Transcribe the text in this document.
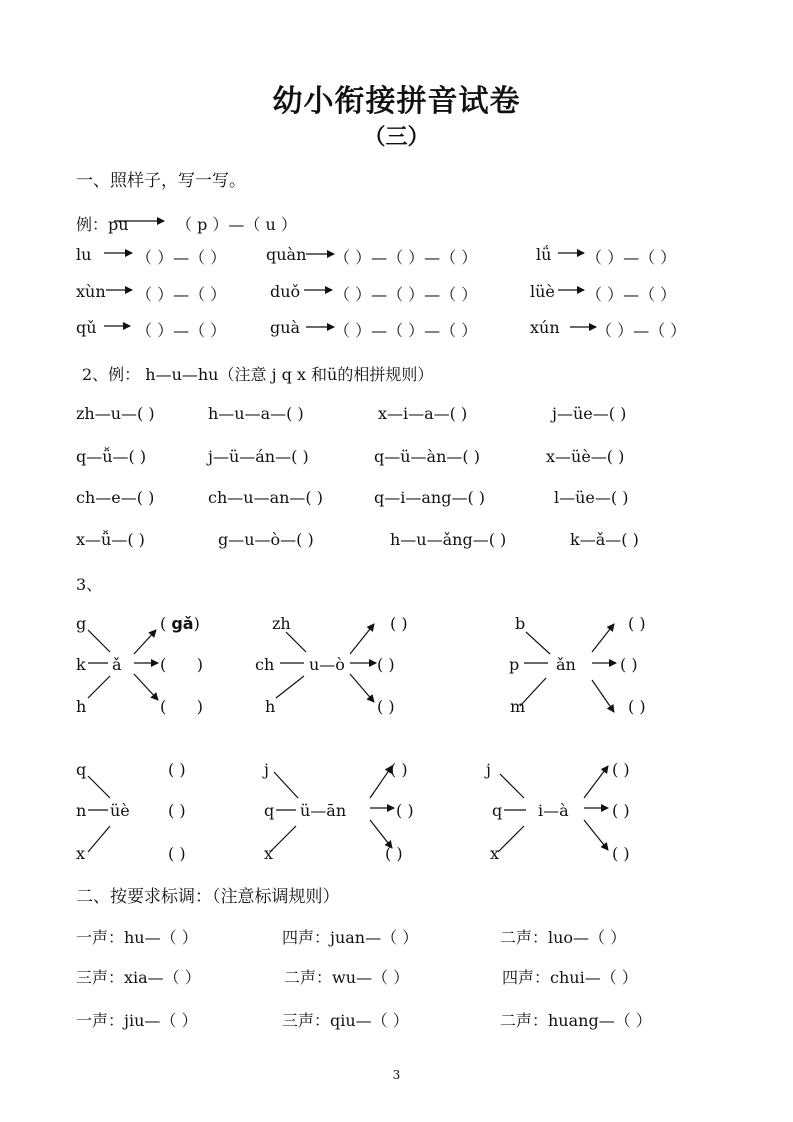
幼小衔接拼音试卷
（三）
一、照样子，写一写。
例：pu	（ p ）—（ u ）
lu	（ ）—（ ） quàn （ ）—（ ）—（ ）	lǘ （ ）—（ ）
xùn （ ）—（ ）	duǒ （ ）—（ ）—（ ）	lüè （ ）—（ ）
qǔ （ ）—（ ）	guà （ ）—（ ）—（ ）	xún （ ）—（ ）
2、例： h—u—hu（注意 j q x 和ü的相拼规则）
zh—u—( )	h—u—a—( )	x—i—a—( )	j—üe—( )
q—ǚ—( )	j—ü—án—( )	q—ü—àn—( )	x—üè—( )
ch—e—( )	ch—u—an—( )	q—i—ang—( )	l—üe—( )
x—ǚ—( )	g—u—ò—( )	h—u—ǎng—( )	k—ǎ—( )
3、
g
k
h
ǎ
( gǎ)
( )
( )
zh
ch
h
u—ò
( )
( )
( )
b
p
m
ǎn
( )
( )
( )
q
n
x
üè
( )
( )
( )
j
q
x
ü—ān
( )
( )
( )
j
q
x
i—à
( )
( )
( )
二、按要求标调：（注意标调规则）
一声：hu—（ ）	四声：juan—（ ）	二声：luo—（ ）
三声：xia—（ ）	二声：wu—（ ）	四声：chui—（ ）
一声：jiu—（ ）	三声：qiu—（ ）	二声：huang—（ ）
3
